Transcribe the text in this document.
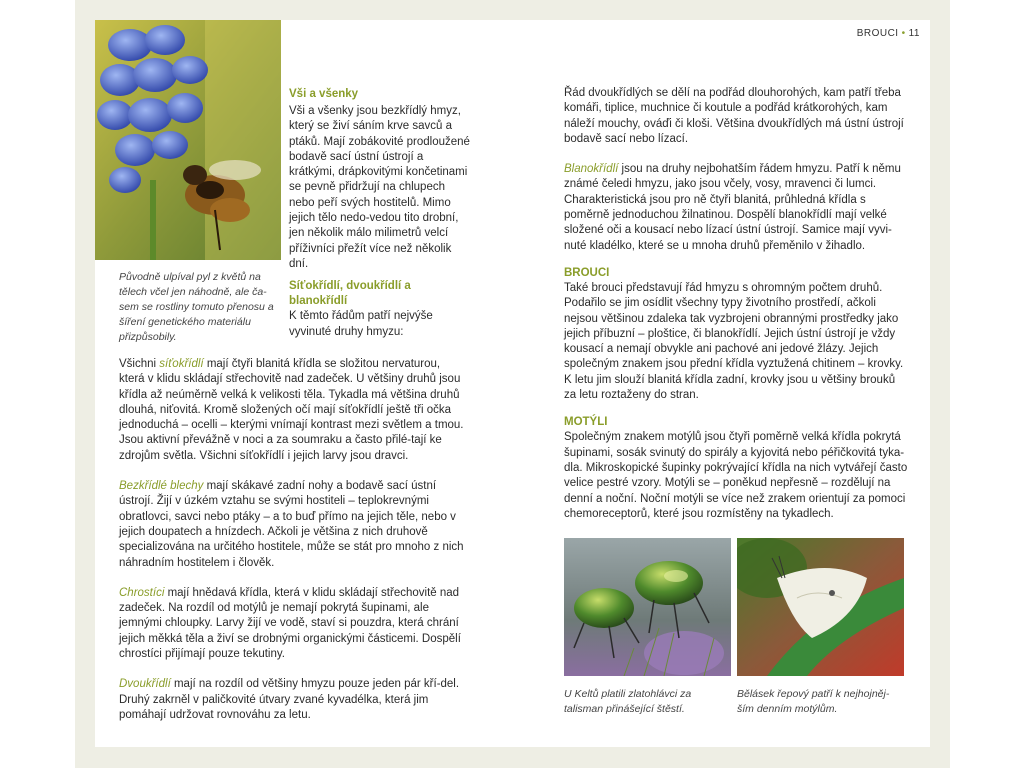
BROUCI • 11
Původně ulpíval pyl z květů na tělech včel jen náhodně, ale ča-sem se rostliny tomuto přenosu a šíření genetického materiálu přizpůsobily.
Vši a všenky

Vši a všenky jsou bezkřídlý hmyz, který se živí sáním krve savců a ptáků. Mají zobákovité prodloužené bodavě sací ústní ústrojí a krátkými, drápkovitými končetinami se pevně přidržují na chlupech nebo peří svých hostitelů. Mimo jejich tělo nedo-vedou tito drobní, jen několik málo milimetrů velcí příživníci přežít více než několik dní.

Síťokřídlí, dvoukřídlí a blanokřídlí

K těmto řádům patří nejvýše vyvinuté druhy hmyzu:

Všichni síťokřídlí mají čtyři blanitá křídla se složitou nervaturou, která v klidu skládají střechovitě nad zadeček. U většiny druhů jsou křídla až neúměrně velká k velikosti těla. Tykadla má většina druhů dlouhá, niťovitá. Kromě složených očí mají síťokřídlí ještě tři očka jednoduchá – ocelli – kterými vnímají kontrast mezi světlem a tmou. Jsou aktivní převážně v noci a za soumraku a často přilé-tají ke zdrojům světla. Všichni síťokřídlí i jejich larvy jsou dravci.

Bezkřídlé blechy mají skákavé zadní nohy a bodavě sací ústní ústrojí. Žijí v úzkém vztahu se svými hostiteli – teplokrevnými obratlovci, savci nebo ptáky – a to buď přímo na jejich těle, nebo v jejich doupatech a hnízdech. Ačkoli je většina z nich druhově specializována na určitého hostitele, může se stát pro mnoho z nich náhradním hostitelem i člověk.

Chrostíci mají hnědavá křídla, která v klidu skládají střechovitě nad zadeček. Na rozdíl od motýlů je nemají pokrytá šupinami, ale jemnými chloupky. Larvy žijí ve vodě, staví si pouzdra, která chrání jejich měkká těla a živí se drobnými organickými částicemi. Dospělí chrostíci přijímají pouze tekutiny.

Dvoukřídlí mají na rozdíl od většiny hmyzu pouze jeden pár kří-del. Druhý zakrněl v paličkovité útvary zvané kyvadélka, která jim pomáhají udržovat rovnováhu za letu.

Řád dvoukřídlých se dělí na podřád dlouhorohých, kam patří třeba komáři, tiplice, muchnice či koutule a podřád krátkorohých, kam náleží mouchy, ováďi či kloši. Většina dvoukřídlých má ústní ústrojí bodavě sací nebo lízací.

Blanokřídlí jsou na druhy nejbohatším řádem hmyzu. Patří k němu známé čeledi hmyzu, jako jsou včely, vosy, mravenci či lumci. Charakteristická jsou pro ně čtyři blanitá, průhledná křídla s poměrně jednoduchou žilnatinou. Dospělí blanokřídlí mají velké složené oči a kousací nebo lízací ústní ústrojí. Samice mají vyvi-nuté kladélko, které se u mnoha druhů přeměnilo v žihadlo.

BROUCI

Také brouci představují řád hmyzu s ohromným počtem druhů. Podařilo se jim osídlit všechny typy životního prostředí, ačkoli nejsou většinou zdaleka tak vyzbrojeni obrannými prostředky jako jejich příbuzní – ploštice, či blanokřídlí. Jejich ústní ústrojí je vždy kousací a nemají obvykle ani pachové ani jedové žlázy. Jejich společným znakem jsou přední křídla vyztužená chitinem – krovky. K letu jim slouží blanitá křídla zadní, krovky jsou u většiny brouků za letu roztaženy do stran.

MOTÝLI

Společným znakem motýlů jsou čtyři poměrně velká křídla pokrytá šupinami, sosák svinutý do spirály a kyjovitá nebo péřičkovitá tyka-dla. Mikroskopické šupinky pokrývající křídla na nich vytvářejí často velice pestré vzory. Motýli se – poněkud nepřesně – rozdělují na denní a noční. Noční motýli se více než zrakem orientují za pomoci chemoreceptorů, které jsou rozmístěny na tykadlech.

U Keltů platili zlatohlávci za talisman přinášející štěstí.
Bělásek řepový patří k nejhojněj-ším denním motýlům.
